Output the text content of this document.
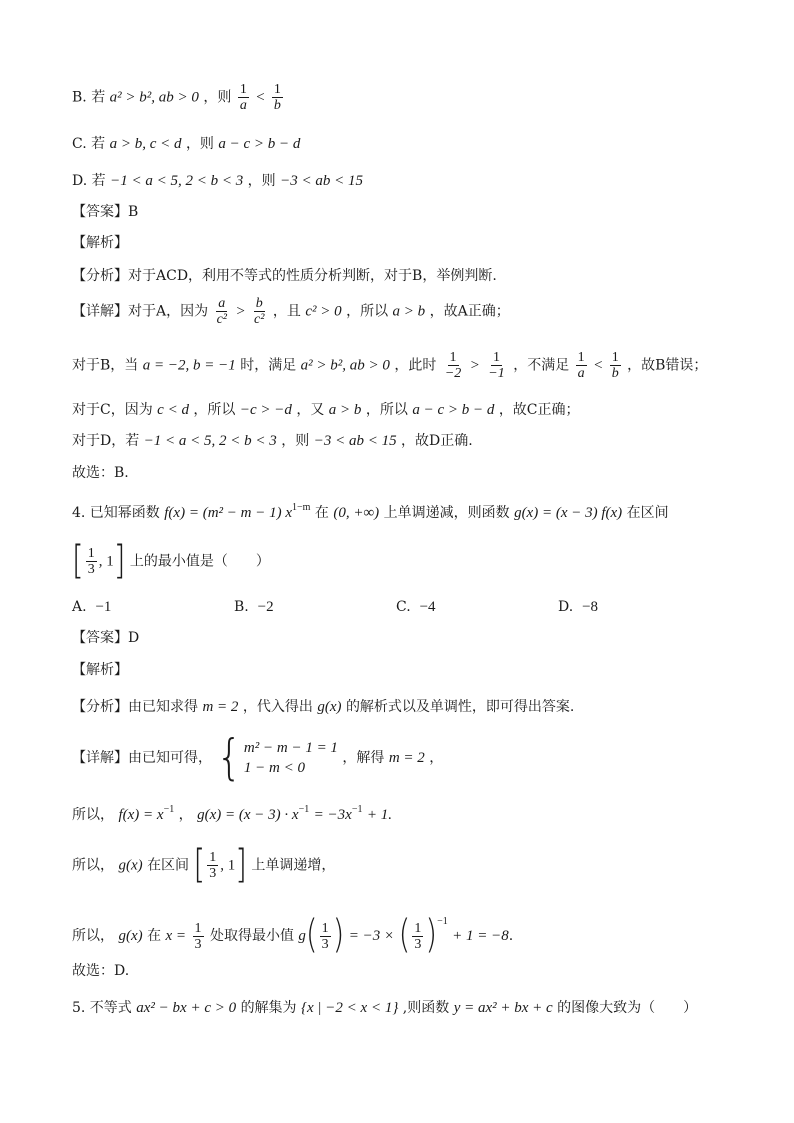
B. 若 a² > b², ab > 0 ，则 $\frac{1}{a} < \frac{1}{b}$
C. 若 a > b, c < d ，则 a − c > b − d
D. 若 −1 < a < 5, 2 < b < 3 ，则 −3 < ab < 15
【答案】B
【解析】
【分析】对于ACD，利用不等式的性质分析判断，对于B，举例判断.
【详解】对于A，因为 $\frac{a}{\text{c²}} > \frac{b}{\text{c²}}$ ，且 c² > 0 ，所以 a > b ，故A正确；
对于B，当 a = −2, b = −1 时，满足 a² > b², ab > 0 ，此时 $\frac{1}{-2} > \frac{1}{-1}$ ，不满足 $\frac{1}{a} < \frac{1}{b}$ ，故B错误；
对于C，因为 c < d ，所以 −c > −d ，又 a > b ，所以 a − c > b − d ，故C正确；
对于D，若 −1 < a < 5, 2 < b < 3 ，则 −3 < ab < 15 ，故D正确.
故选：B.
4. 已知幂函数 f(x) = (m² − m − 1) $x^{1-m}$ 在 (0, +∞) 上单调递减，则函数 g(x) = (x − 3) f(x) 在区间
[ $\frac{1}{3}$ , 1] 上的最小值是（　　）
A. −1	B. −2	C. −4	D. −8
【答案】D
【解析】
【分析】由已知求得 m = 2 ，代入得出 g(x) 的解析式以及单调性，即可得出答案.
【详解】由已知可得， { m² − m − 1 = 1
1 − m < 0
，解得 m = 2 ，
所以， $f(x) = x^{-1}$ ， $g(x) = (x - 3) \cdot x^{-1} = -3x^{-1} + 1$.
所以， g(x) 在区间 [ $\frac{1}{3}$ , 1] 上单调递增，
所以， g(x) 在 $x = \frac{1}{3}$ 处取得最小值 $g( \frac{1}{3}$ ) = −3 × ( $\frac{1}{3} )^{-1} + 1 = -8$.
故选：D.
5. 不等式 ax² − bx + c > 0 的解集为 {x | −2 < x < 1} ,则函数 y = ax² + bx + c 的图像大致为（　　）
